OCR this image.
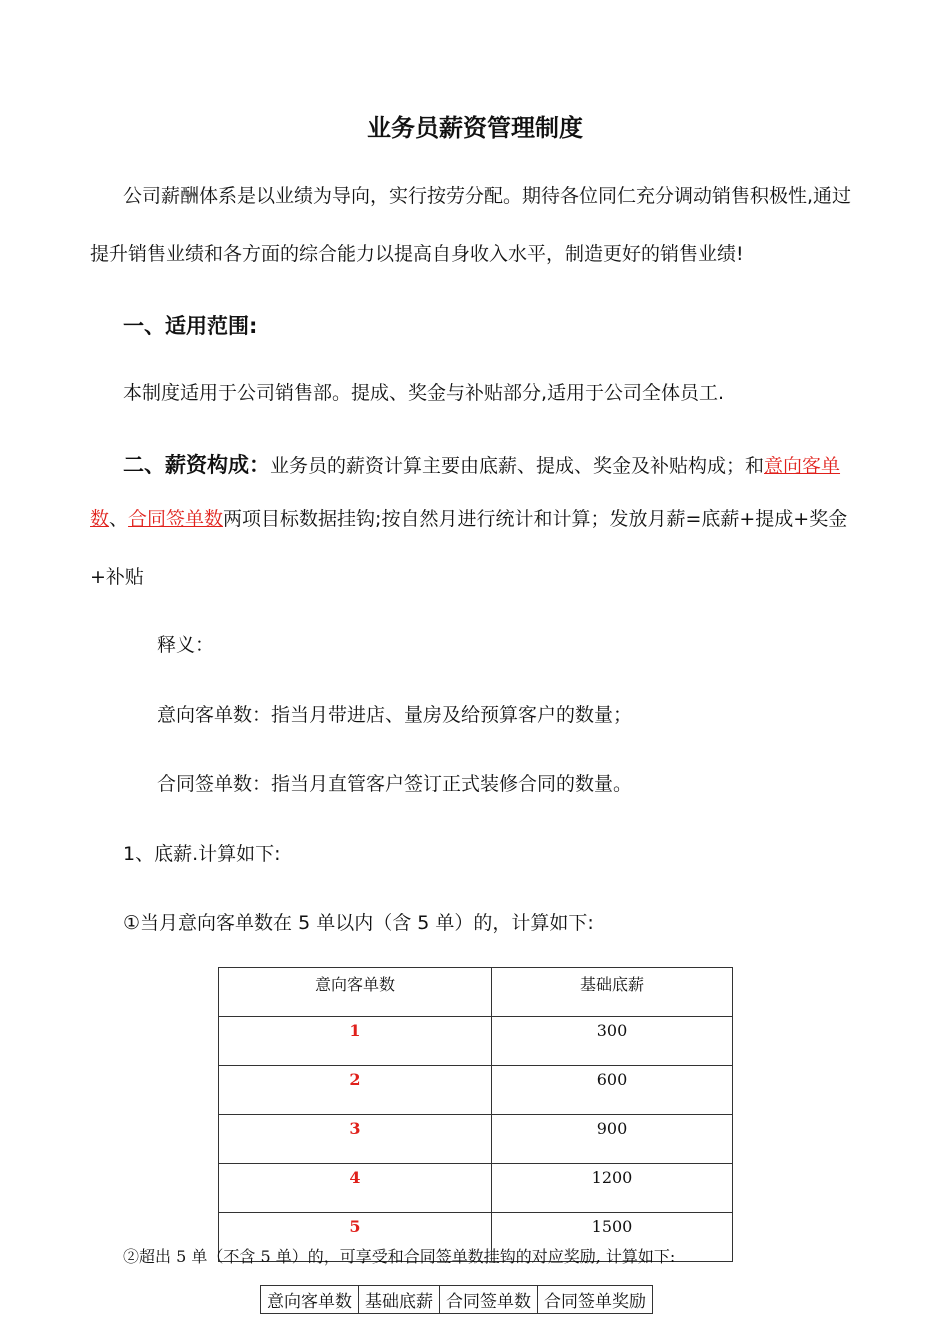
业务员薪资管理制度
公司薪酬体系是以业绩为导向，实行按劳分配。期待各位同仁充分调动销售积极性,通过
提升销售业绩和各方面的综合能力以提高自身收入水平，制造更好的销售业绩!
一、适用范围:
本制度适用于公司销售部。提成、奖金与补贴部分,适用于公司全体员工.
二、薪资构成：业务员的薪资计算主要由底薪、提成、奖金及补贴构成；和意向客单
数、合同签单数两项目标数据挂钩;按自然月进行统计和计算；发放月薪=底薪+提成+奖金
+补贴
释义：
意向客单数：指当月带进店、量房及给预算客户的数量；
合同签单数：指当月直管客户签订正式装修合同的数量。
1、底薪.计算如下:
①当月意向客单数在 5 单以内（含 5 单）的，计算如下:
意向客单数	基础底薪
1	300
2	600
3	900
4	1200
5	1500
②超出 5 单（不含 5 单）的，可享受和合同签单数挂钩的对应奖励, 计算如下:
意向客单数	基础底薪	合同签单数	合同签单奖励
